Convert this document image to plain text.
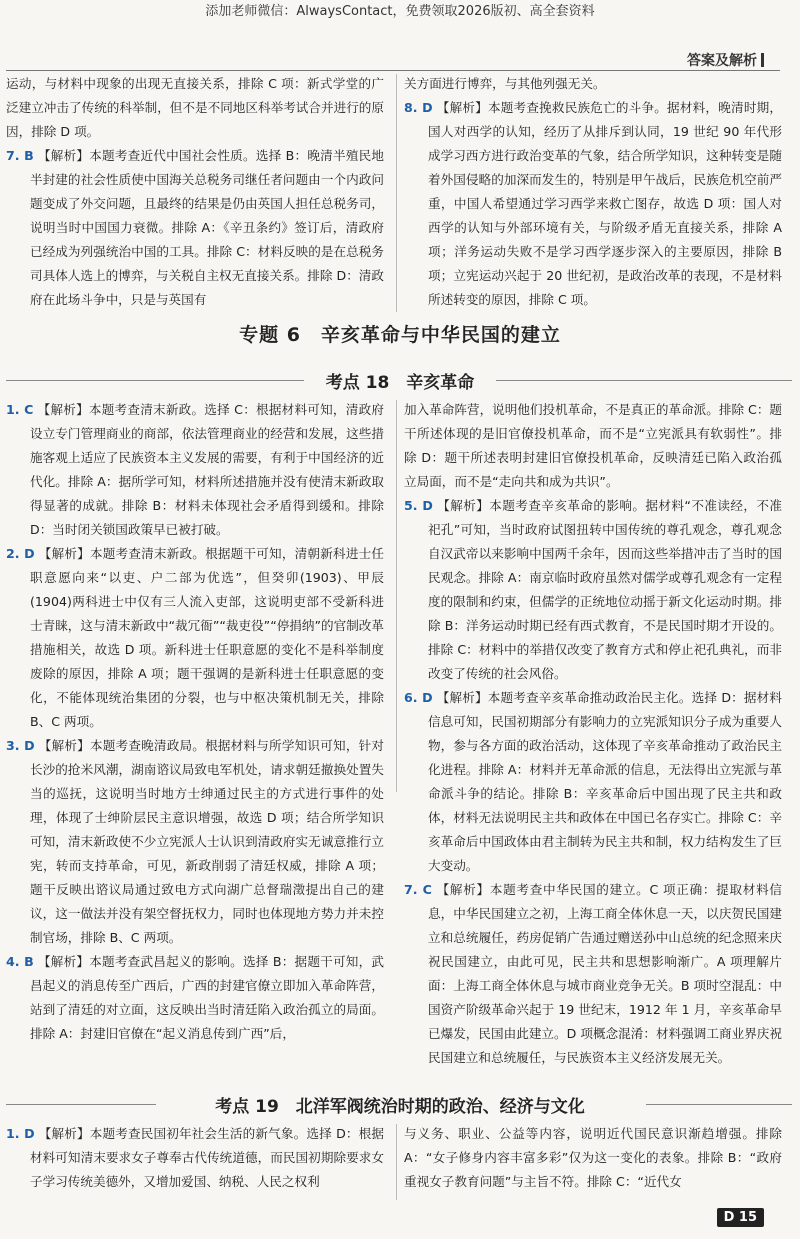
添加老师微信：AlwaysContact，免费领取2026版初、高全套资料
答案及解析

运动，与材料中现象的出现无直接关系，排除 C 项：新式学堂的广泛建立冲击了传统的科举制，但不是不同地区科举考试合并进行的原因，排除 D 项。

7. B 【解析】本题考查近代中国社会性质。选择 B：晚清半殖民地半封建的社会性质使中国海关总税务司继任者问题由一个内政问题变成了外交问题，且最终的结果是仍由英国人担任总税务司，说明当时中国国力衰微。排除 A：《辛丑条约》签订后，清政府已经成为列强统治中国的工具。排除 C：材料反映的是在总税务司具体人选上的博弈，与关税自主权无直接关系。排除 D：清政府在此场斗争中，只是与英国有

关方面进行博弈，与其他列强无关。

8. D 【解析】本题考查挽救民族危亡的斗争。据材料，晚清时期，国人对西学的认知，经历了从排斥到认同，19 世纪 90 年代形成学习西方进行政治变革的气象，结合所学知识，这种转变是随着外国侵略的加深而发生的，特别是甲午战后，民族危机空前严重，中国人希望通过学习西学来救亡图存，故选 D 项：国人对西学的认知与外部环境有关，与阶级矛盾无直接关系，排除 A 项；洋务运动失败不是学习西学逐步深入的主要原因，排除 B 项；立宪运动兴起于 20 世纪初，是政治改革的表现，不是材料所述转变的原因，排除 C 项。

专题 6　辛亥革命与中华民国的建立
考点 18　辛亥革命

1. C 【解析】本题考查清末新政。选择 C：根据材料可知，清政府设立专门管理商业的商部，依法管理商业的经营和发展，这些措施客观上适应了民族资本主义发展的需要，有利于中国经济的近代化。排除 A：据所学可知，材料所述措施并没有使清末新政取得显著的成就。排除 B：材料未体现社会矛盾得到缓和。排除 D：当时闭关锁国政策早已被打破。

2. D 【解析】本题考查清末新政。根据题干可知，清朝新科进士任职意愿向来“以吏、户二部为优选”，但癸卯(1903)、甲辰(1904)两科进士中仅有三人流入吏部，这说明吏部不受新科进士青睐，这与清末新政中“裁冗衙”“裁吏役”“停捐纳”的官制改革措施相关，故选 D 项。新科进士任职意愿的变化不是科举制度废除的原因，排除 A 项；题干强调的是新科进士任职意愿的变化，不能体现统治集团的分裂，也与中枢决策机制无关，排除 B、C 两项。

3. D 【解析】本题考查晚清政局。根据材料与所学知识可知，针对长沙的抢米风潮，湖南谘议局致电军机处，请求朝廷撤换处置失当的巡抚，这说明当时地方士绅通过民主的方式进行事件的处理，体现了士绅阶层民主意识增强，故选 D 项；结合所学知识可知，清末新政使不少立宪派人士认识到清政府实无诚意推行立宪，转而支持革命，可见，新政削弱了清廷权威，排除 A 项；题干反映出谘议局通过致电方式向湖广总督瑞澂提出自己的建议，这一做法并没有架空督抚权力，同时也体现地方势力并未控制官场，排除 B、C 两项。

4. B 【解析】本题考查武昌起义的影响。选择 B：据题干可知，武昌起义的消息传至广西后，广西的封建官僚立即加入革命阵营，站到了清廷的对立面，这反映出当时清廷陷入政治孤立的局面。排除 A：封建旧官僚在“起义消息传到广西”后，

加入革命阵营，说明他们投机革命，不是真正的革命派。排除 C：题干所述体现的是旧官僚投机革命，而不是“立宪派具有软弱性”。排除 D：题干所述表明封建旧官僚投机革命，反映清廷已陷入政治孤立局面，而不是“走向共和成为共识”。

5. D 【解析】本题考查辛亥革命的影响。据材料“不准读经，不准祀孔”可知，当时政府试图扭转中国传统的尊孔观念，尊孔观念自汉武帝以来影响中国两千余年，因而这些举措冲击了当时的国民观念。排除 A：南京临时政府虽然对儒学或尊孔观念有一定程度的限制和约束，但儒学的正统地位动摇于新文化运动时期。排除 B：洋务运动时期已经有西式教育，不是民国时期才开设的。排除 C：材料中的举措仅改变了教育方式和停止祀孔典礼，而非改变了传统的社会风俗。

6. D 【解析】本题考查辛亥革命推动政治民主化。选择 D：据材料信息可知，民国初期部分有影响力的立宪派知识分子成为重要人物，参与各方面的政治活动，这体现了辛亥革命推动了政治民主化进程。排除 A：材料并无革命派的信息，无法得出立宪派与革命派斗争的结论。排除 B：辛亥革命后中国出现了民主共和政体，材料无法说明民主共和政体在中国已名存实亡。排除 C：辛亥革命后中国政体由君主制转为民主共和制，权力结构发生了巨大变动。

7. C 【解析】本题考查中华民国的建立。C 项正确：提取材料信息，中华民国建立之初，上海工商全体休息一天，以庆贺民国建立和总统履任，药房促销广告通过赠送孙中山总统的纪念照来庆祝民国建立，由此可见，民主共和思想影响渐广。A 项理解片面：上海工商全体休息与城市商业竞争无关。B 项时空混乱：中国资产阶级革命兴起于 19 世纪末，1912 年 1 月，辛亥革命早已爆发，民国由此建立。D 项概念混淆：材料强调工商业界庆祝民国建立和总统履任，与民族资本主义经济发展无关。

考点 19　北洋军阀统治时期的政治、经济与文化

1. D 【解析】本题考查民国初年社会生活的新气象。选择 D：根据材料可知清末要求女子尊奉古代传统道德，而民国初期除要求女子学习传统美德外，又增加爱国、纳税、人民之权利

与义务、职业、公益等内容，说明近代国民意识渐趋增强。排除 A：“女子修身内容丰富多彩”仅为这一变化的表象。排除 B：“政府重视女子教育问题”与主旨不符。排除 C：“近代女

D 15
